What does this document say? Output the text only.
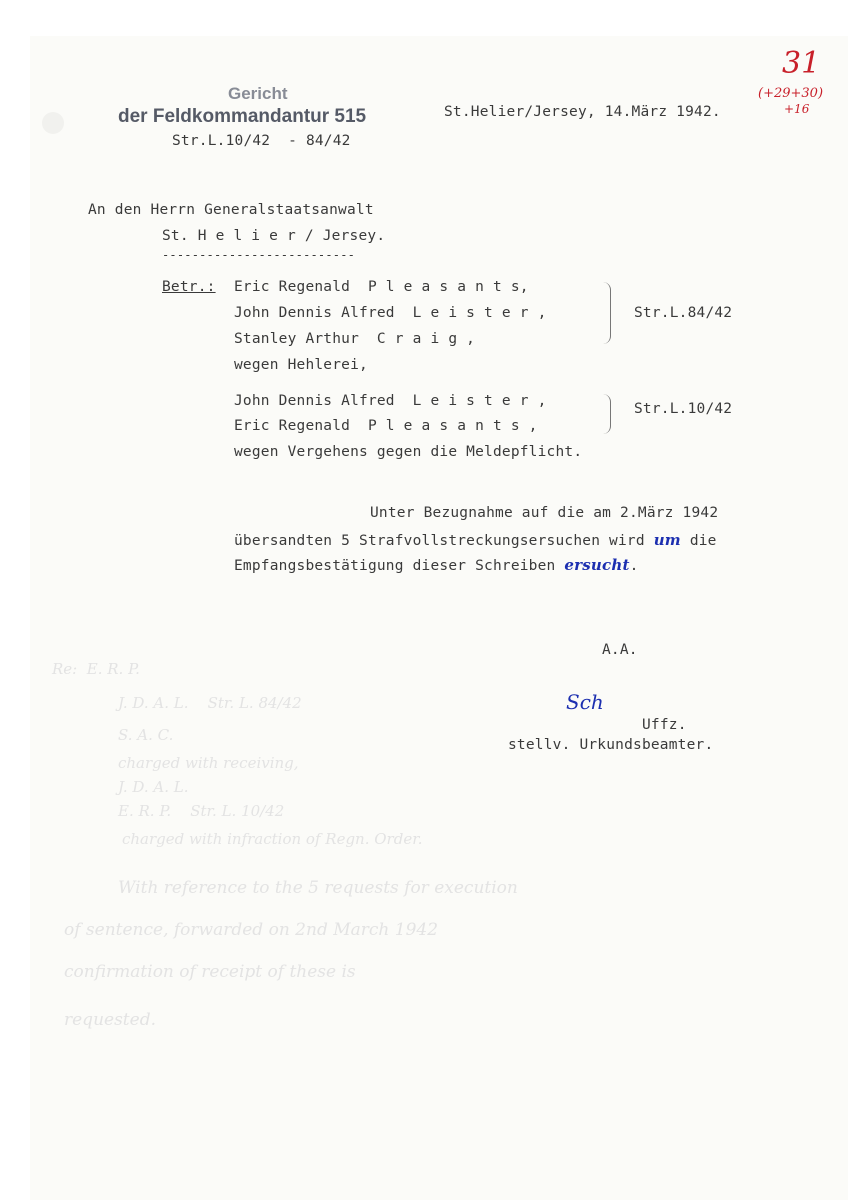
Gericht
der Feldkommandantur 515
Str.L.10/42  - 84/42
St.Helier/Jersey, 14.März 1942.
31
(+29+30)
+16
An den Herrn Generalstaatsanwalt
St. H e l i e r / Jersey.
--------------------------
Betr.: Eric Regenald  P l e a s a n t s,
John Dennis Alfred  L e i s t e r ,
Stanley Arthur  C r a i g ,
wegen Hehlerei,
Str.L.84/42
John Dennis Alfred  L e i s t e r ,
Eric Regenald  P l e a s a n t s ,
wegen Vergehens gegen die Meldepflicht.
Str.L.10/42
Unter Bezugnahme auf die am 2.März 1942
übersandten 5 Strafvollstreckungsersuchen wird um die
Empfangsbestätigung dieser Schreiben ersucht.
A.A.
Sch
Uffz.
stellv. Urkundsbeamter.
Re:  E. R. P.
J. D. A. L.    Str. L. 84/42
S. A. C.
charged with receiving,
J. D. A. L.
E. R. P.    Str. L. 10/42
charged with infraction of Regn. Order.
With reference to the 5 requests for execution
of sentence, forwarded on 2nd March 1942
confirmation of receipt of these is
requested.
